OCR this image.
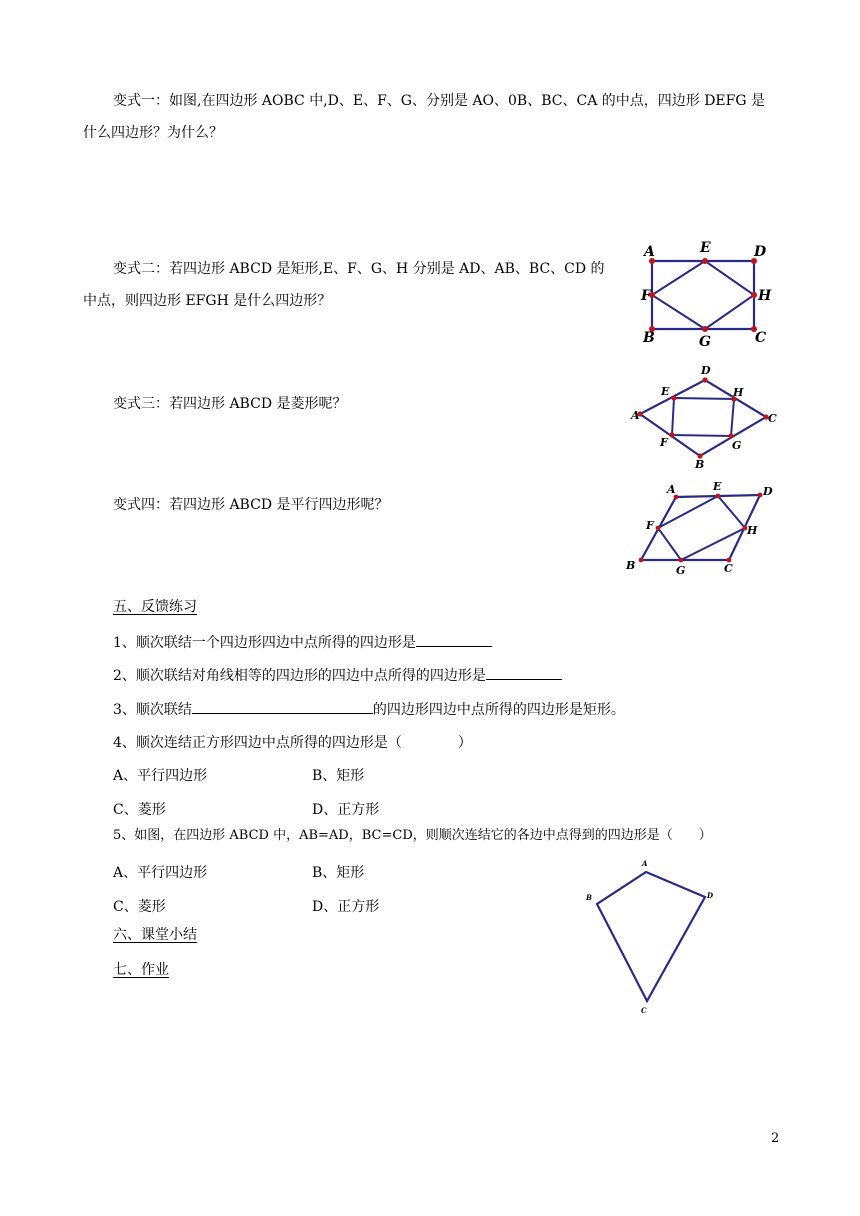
变式一：如图,在四边形 AOBC 中,D、E、F、G、分别是 AO、0B、BC、CA 的中点，四边形 DEFG 是
什么四边形？为什么？
变式二：若四边形 ABCD 是矩形,E、F、G、H 分别是 AD、AB、BC、CD 的
中点，则四边形 EFGH 是什么四边形？
A	E	D
F	H
B	G	C
变式三：若四边形 ABCD 是菱形呢？
D
E	H
A	C
F	G
B
变式四：若四边形 ABCD 是平行四边形呢？
A	E	D
F	H
B	G	C
五、反馈练习
1、顺次联结一个四边形四边中点所得的四边形是
2、顺次联结对角线相等的四边形的四边中点所得的四边形是
3、顺次联结	的四边形四边中点所得的四边形是矩形。
4、顺次连结正方形四边中点所得的四边形是（　　　　）
A、平行四边形	B、矩形
C、菱形	D、正方形
5、如图，在四边形 ABCD 中，AB=AD，BC=CD，则顺次连结它的各边中点得到的四边形是（　　）
A、平行四边形	B、矩形
C、菱形	D、正方形
A
B	D
C
六、课堂小结
七、作业
2
